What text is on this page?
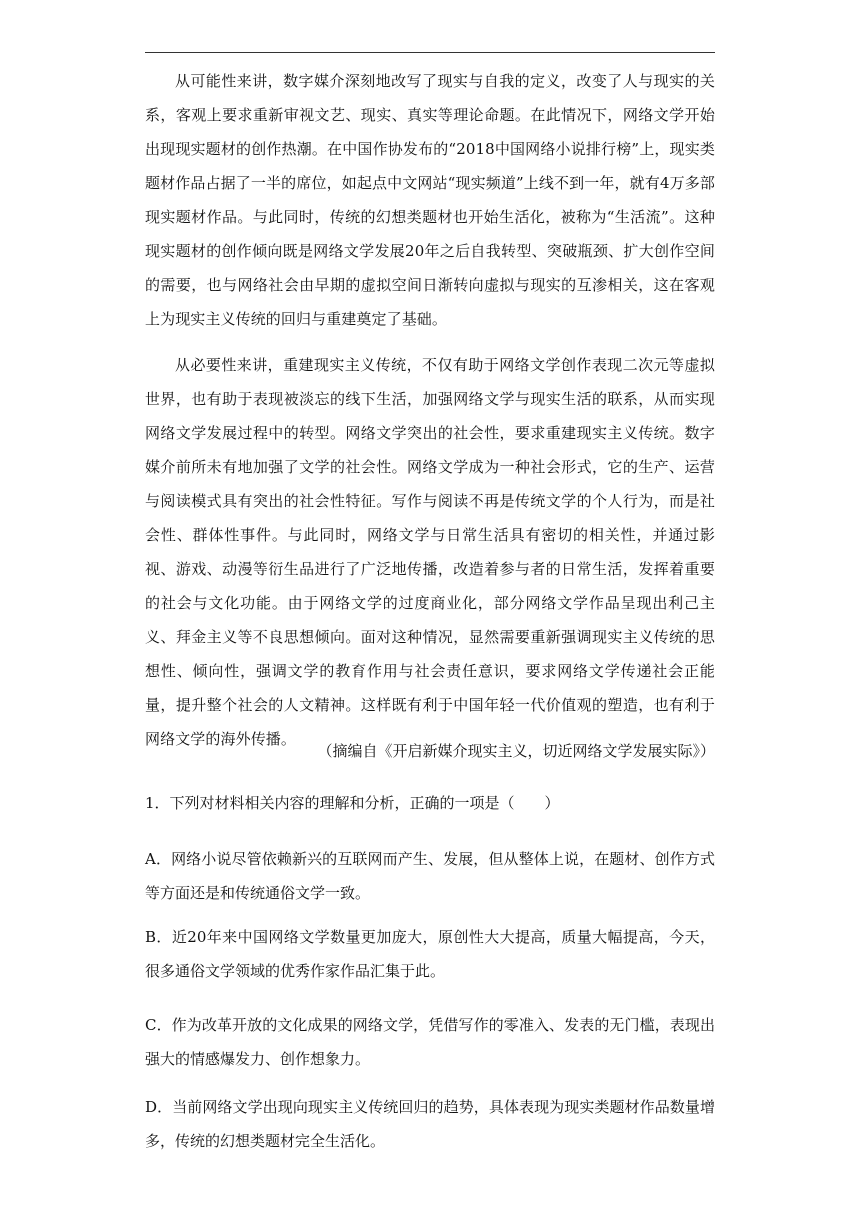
从可能性来讲，数字媒介深刻地改写了现实与自我的定义，改变了人与现实的关系，客观上要求重新审视文艺、现实、真实等理论命题。在此情况下，网络文学开始出现现实题材的创作热潮。在中国作协发布的“2018中国网络小说排行榜”上，现实类题材作品占据了一半的席位，如起点中文网站“现实频道”上线不到一年，就有4万多部现实题材作品。与此同时，传统的幻想类题材也开始生活化，被称为“生活流”。这种现实题材的创作倾向既是网络文学发展20年之后自我转型、突破瓶颈、扩大创作空间的需要，也与网络社会由早期的虚拟空间日渐转向虚拟与现实的互渗相关，这在客观上为现实主义传统的回归与重建奠定了基础。

从必要性来讲，重建现实主义传统，不仅有助于网络文学创作表现二次元等虚拟世界，也有助于表现被淡忘的线下生活，加强网络文学与现实生活的联系，从而实现网络文学发展过程中的转型。网络文学突出的社会性，要求重建现实主义传统。数字媒介前所未有地加强了文学的社会性。网络文学成为一种社会形式，它的生产、运营与阅读模式具有突出的社会性特征。写作与阅读不再是传统文学的个人行为，而是社会性、群体性事件。与此同时，网络文学与日常生活具有密切的相关性，并通过影视、游戏、动漫等衍生品进行了广泛地传播，改造着参与者的日常生活，发挥着重要的社会与文化功能。由于网络文学的过度商业化，部分网络文学作品呈现出利己主义、拜金主义等不良思想倾向。面对这种情况，显然需要重新强调现实主义传统的思想性、倾向性，强调文学的教育作用与社会责任意识，要求网络文学传递社会正能量，提升整个社会的人文精神。这样既有利于中国年轻一代价值观的塑造，也有利于网络文学的海外传播。

（摘编自《开启新媒介现实主义，切近网络文学发展实际》）

1．下列对材料相关内容的理解和分析，正确的一项是（　　）

A．网络小说尽管依赖新兴的互联网而产生、发展，但从整体上说，在题材、创作方式等方面还是和传统通俗文学一致。

B．近20年来中国网络文学数量更加庞大，原创性大大提高，质量大幅提高，今天，很多通俗文学领域的优秀作家作品汇集于此。

C．作为改革开放的文化成果的网络文学，凭借写作的零准入、发表的无门槛，表现出强大的情感爆发力、创作想象力。

D．当前网络文学出现向现实主义传统回归的趋势，具体表现为现实类题材作品数量增多，传统的幻想类题材完全生活化。
